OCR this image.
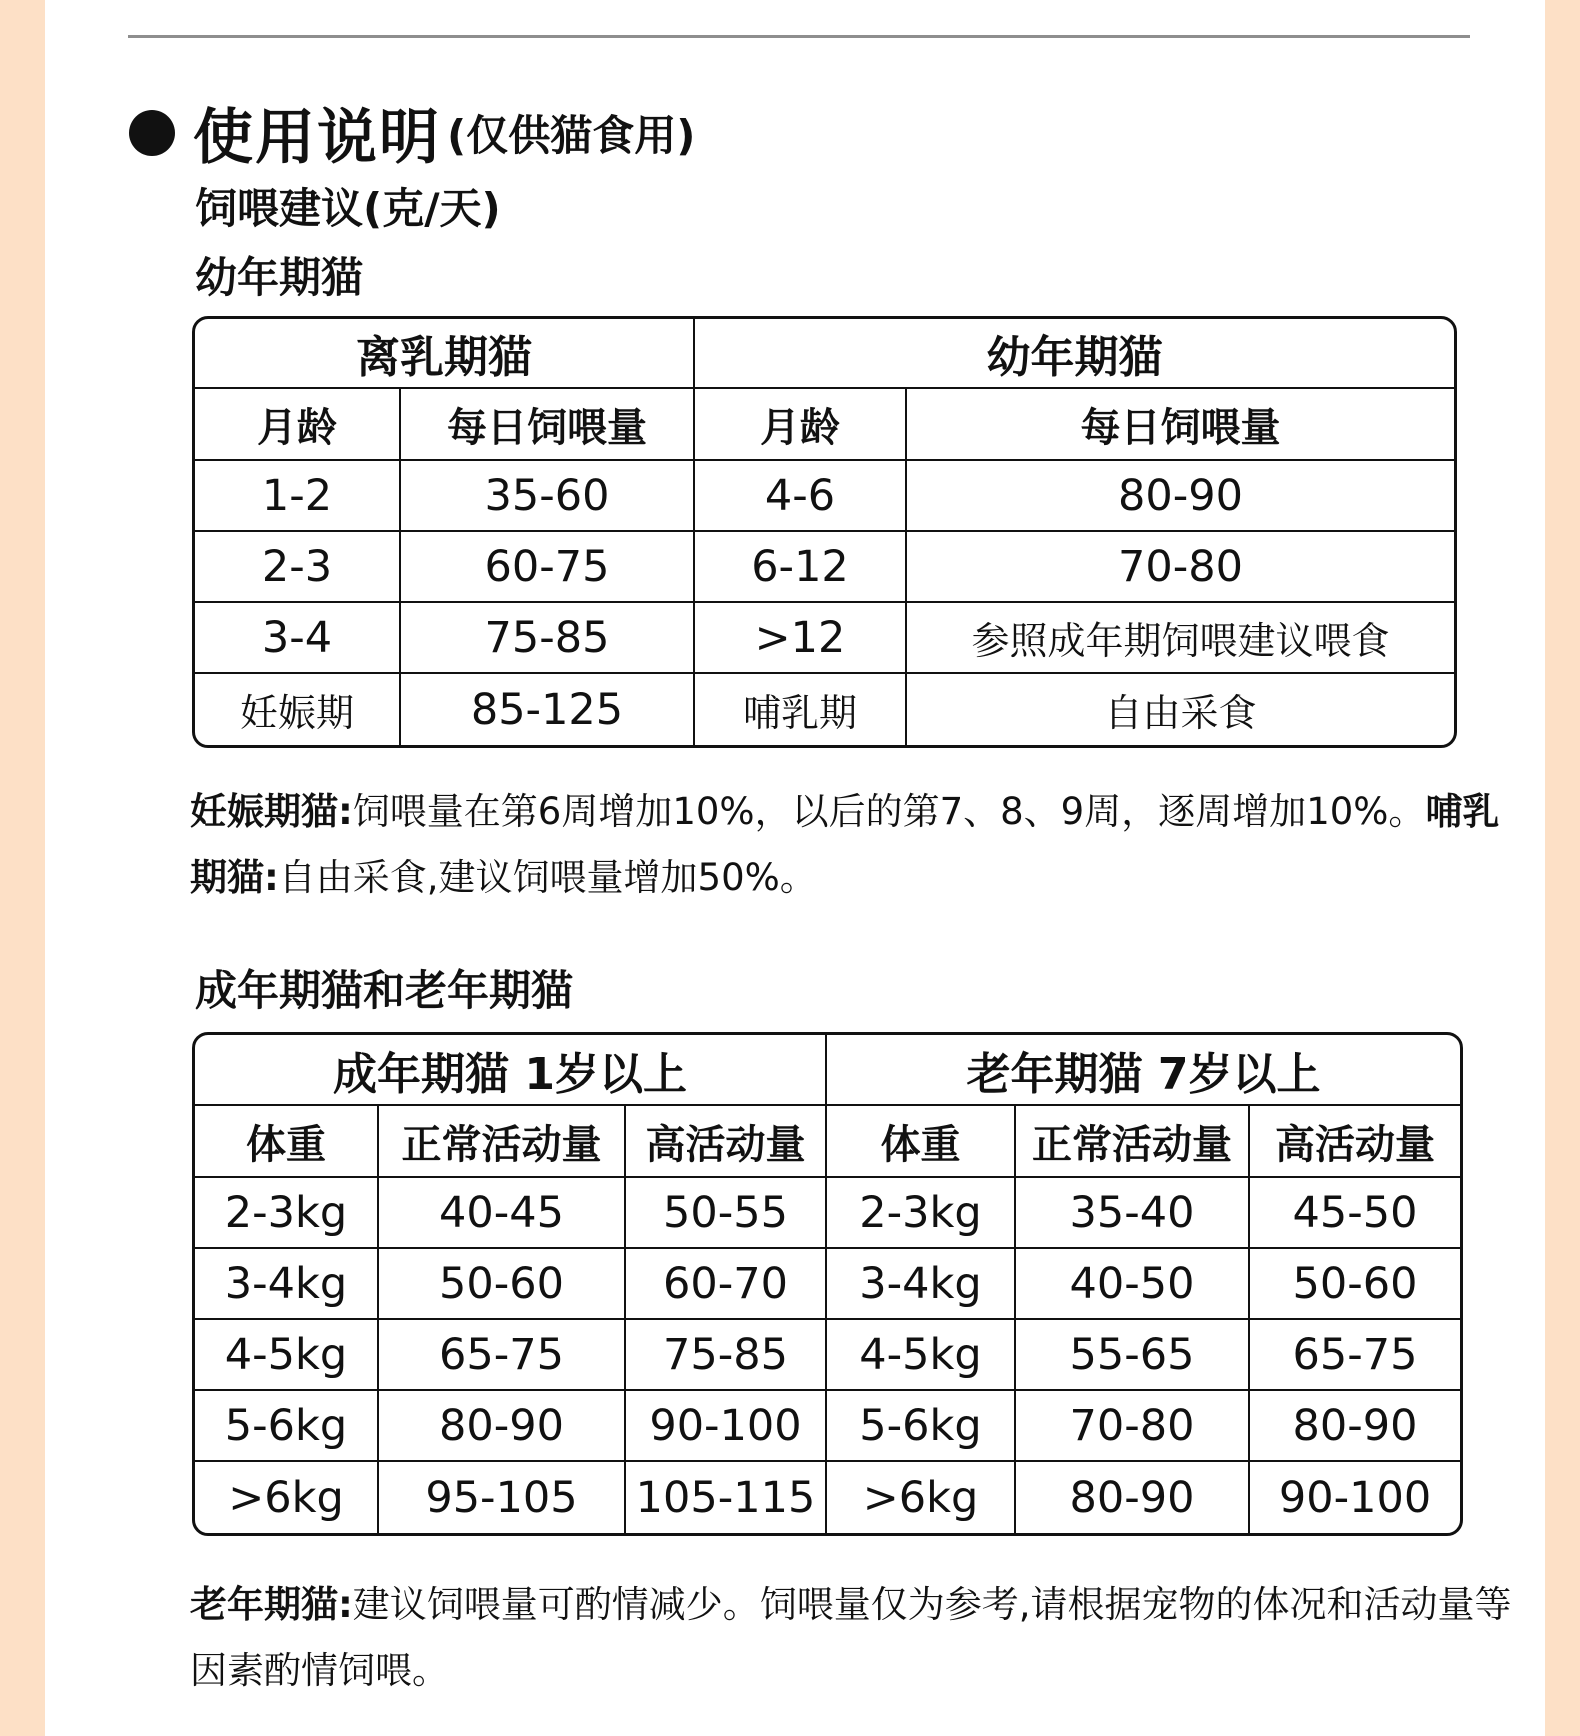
使用说明 (仅供猫食用)
饲喂建议(克/天)
幼年期猫
离乳期猫		幼年期猫	
月龄	每日饲喂量	月龄	每日饲喂量
1-2	35-60	4-6	80-90
2-3	60-75	6-12	70-80
3-4	75-85	>12	参照成年期饲喂建议喂食
妊娠期	85-125	哺乳期	自由采食
妊娠期猫:饲喂量在第6周增加10%，以后的第7、8、9周，逐周增加10%。哺乳期猫:自由采食,建议饲喂量增加50%。
成年期猫和老年期猫
成年期猫 1岁以上			老年期猫 7岁以上		
体重	正常活动量	高活动量	体重	正常活动量	高活动量
2-3kg	40-45	50-55	2-3kg	35-40	45-50
3-4kg	50-60	60-70	3-4kg	40-50	50-60
4-5kg	65-75	75-85	4-5kg	55-65	65-75
5-6kg	80-90	90-100	5-6kg	70-80	80-90
>6kg	95-105	105-115	>6kg	80-90	90-100
老年期猫:建议饲喂量可酌情减少。饲喂量仅为参考,请根据宠物的体况和活动量等因素酌情饲喂。
